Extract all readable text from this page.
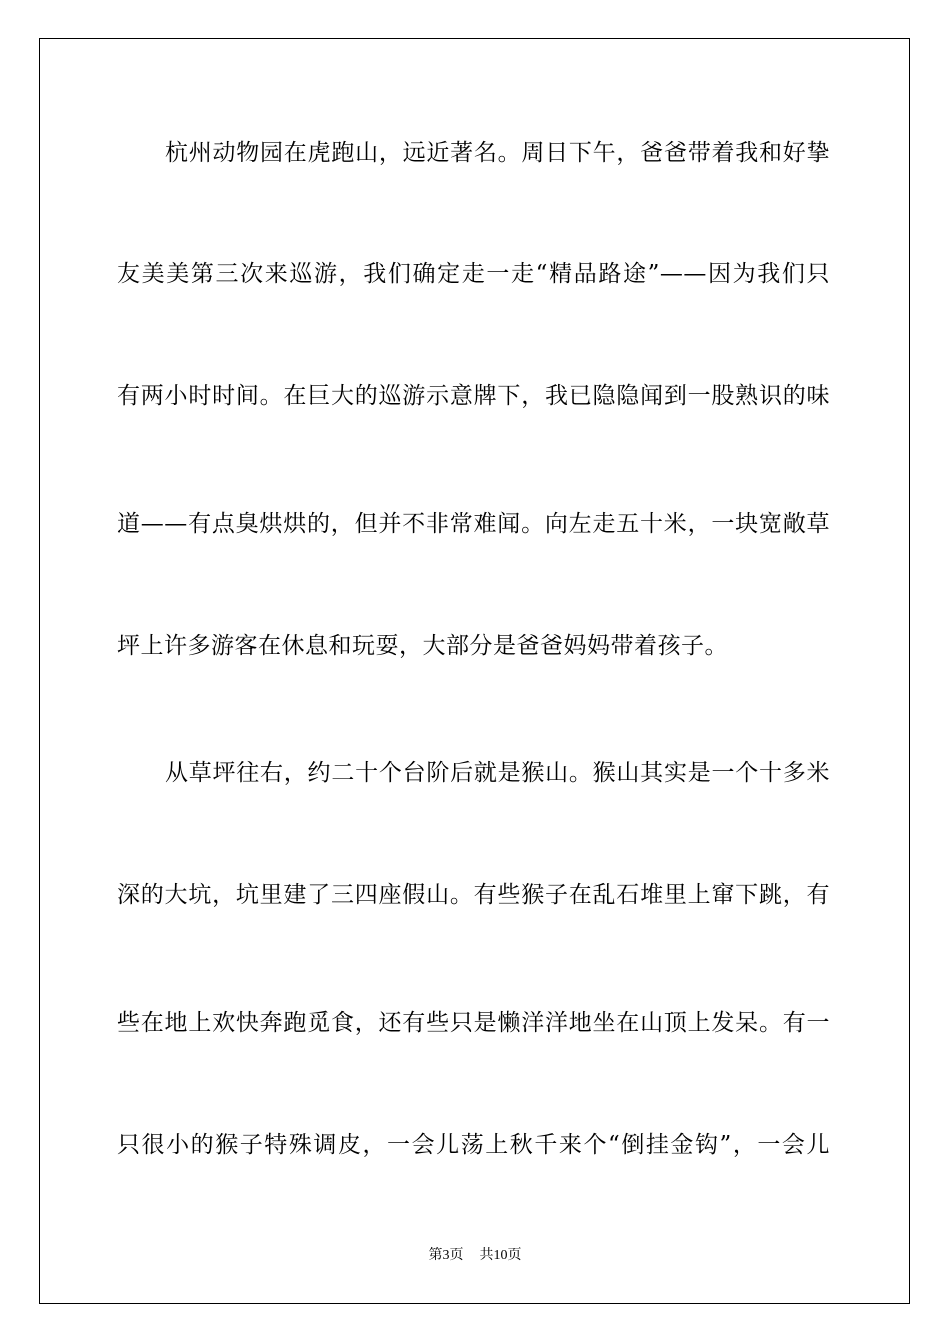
杭州动物园在虎跑山，远近著名。周日下午，爸爸带着我和好挚
友美美第三次来巡游，我们确定走一走“精品路途”——因为我们只
有两小时时间。在巨大的巡游示意牌下，我已隐隐闻到一股熟识的味
道——有点臭烘烘的，但并不非常难闻。向左走五十米，一块宽敞草
坪上许多游客在休息和玩耍，大部分是爸爸妈妈带着孩子。
从草坪往右，约二十个台阶后就是猴山。猴山其实是一个十多米
深的大坑，坑里建了三四座假山。有些猴子在乱石堆里上窜下跳，有
些在地上欢快奔跑觅食，还有些只是懒洋洋地坐在山顶上发呆。有一
只很小的猴子特殊调皮，一会儿荡上秋千来个“倒挂金钩”，一会儿
第3页 共10页
